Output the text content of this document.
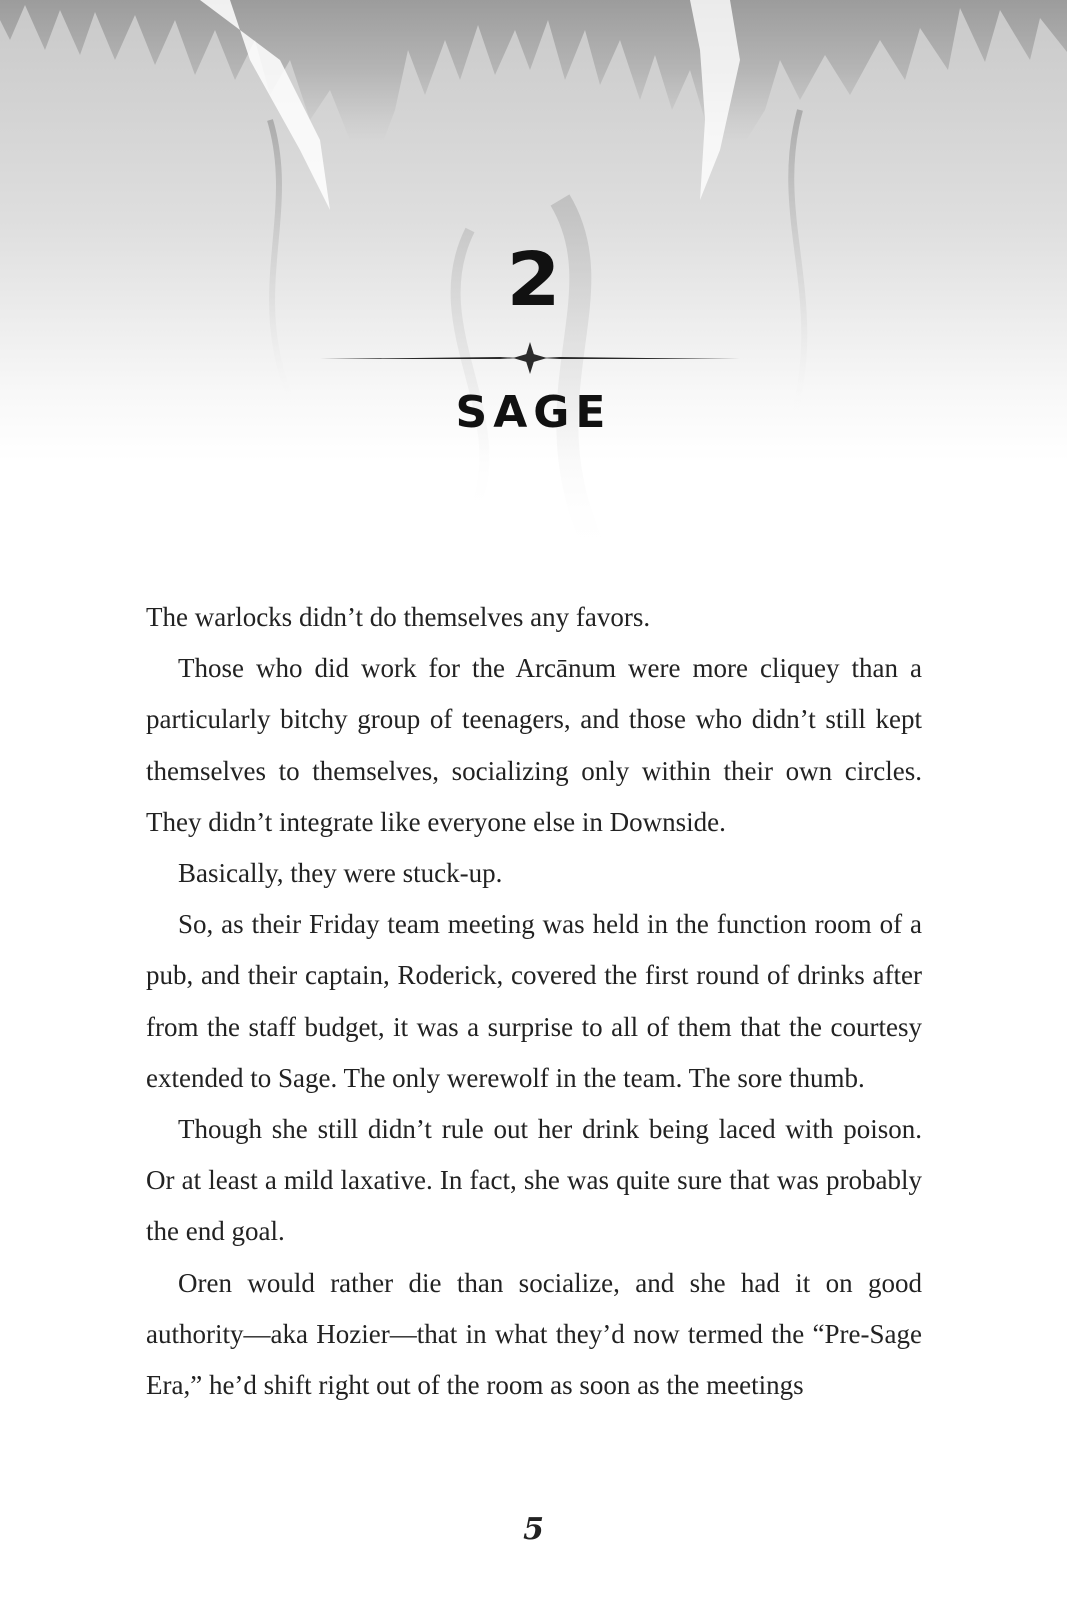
2
SAGE

The warlocks didn’t do themselves any favors.

Those who did work for the Arcānum were more cliquey than a particularly bitchy group of teenagers, and those who didn’t still kept themselves to themselves, socializing only within their own circles. They didn’t integrate like everyone else in Downside.

Basically, they were stuck-up.

So, as their Friday team meeting was held in the function room of a pub, and their captain, Roderick, covered the first round of drinks after from the staff budget, it was a surprise to all of them that the courtesy extended to Sage. The only werewolf in the team. The sore thumb.

Though she still didn’t rule out her drink being laced with poison. Or at least a mild laxative. In fact, she was quite sure that was probably the end goal.

Oren would rather die than socialize, and she had it on good authority—aka Hozier—that in what they’d now termed the “Pre-Sage Era,” he’d shift right out of the room as soon as the meetings

5
